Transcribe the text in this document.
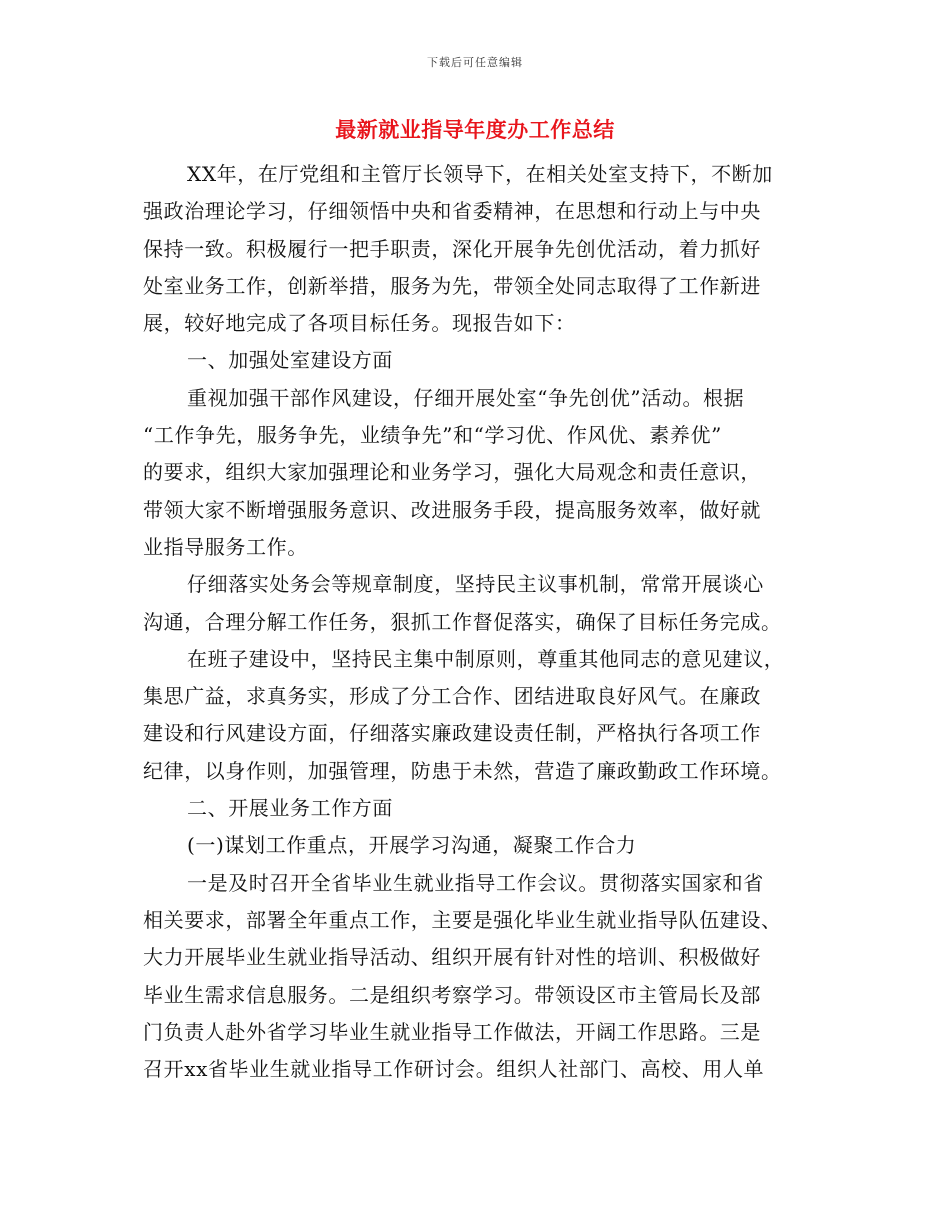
下载后可任意编辑
最新就业指导年度办工作总结
XX年，在厅党组和主管厅长领导下，在相关处室支持下，不断加
强政治理论学习，仔细领悟中央和省委精神，在思想和行动上与中央
保持一致。积极履行一把手职责，深化开展争先创优活动，着力抓好
处室业务工作，创新举措，服务为先，带领全处同志取得了工作新进
展，较好地完成了各项目标任务。现报告如下：
一、加强处室建设方面
重视加强干部作风建设，仔细开展处室“争先创优”活动。根据
“工作争先，服务争先，业绩争先”和“学习优、作风优、素养优”
的要求，组织大家加强理论和业务学习，强化大局观念和责任意识，
带领大家不断增强服务意识、改进服务手段，提高服务效率，做好就
业指导服务工作。
仔细落实处务会等规章制度，坚持民主议事机制，常常开展谈心
沟通，合理分解工作任务，狠抓工作督促落实，确保了目标任务完成。
在班子建设中，坚持民主集中制原则，尊重其他同志的意见建议，
集思广益，求真务实，形成了分工合作、团结进取良好风气。在廉政
建设和行风建设方面，仔细落实廉政建设责任制，严格执行各项工作
纪律，以身作则，加强管理，防患于未然，营造了廉政勤政工作环境。
二、开展业务工作方面
(一)谋划工作重点，开展学习沟通，凝聚工作合力
一是及时召开全省毕业生就业指导工作会议。贯彻落实国家和省
相关要求，部署全年重点工作，主要是强化毕业生就业指导队伍建设、
大力开展毕业生就业指导活动、组织开展有针对性的培训、积极做好
毕业生需求信息服务。二是组织考察学习。带领设区市主管局长及部
门负责人赴外省学习毕业生就业指导工作做法，开阔工作思路。三是
召开xx省毕业生就业指导工作研讨会。组织人社部门、高校、用人单
